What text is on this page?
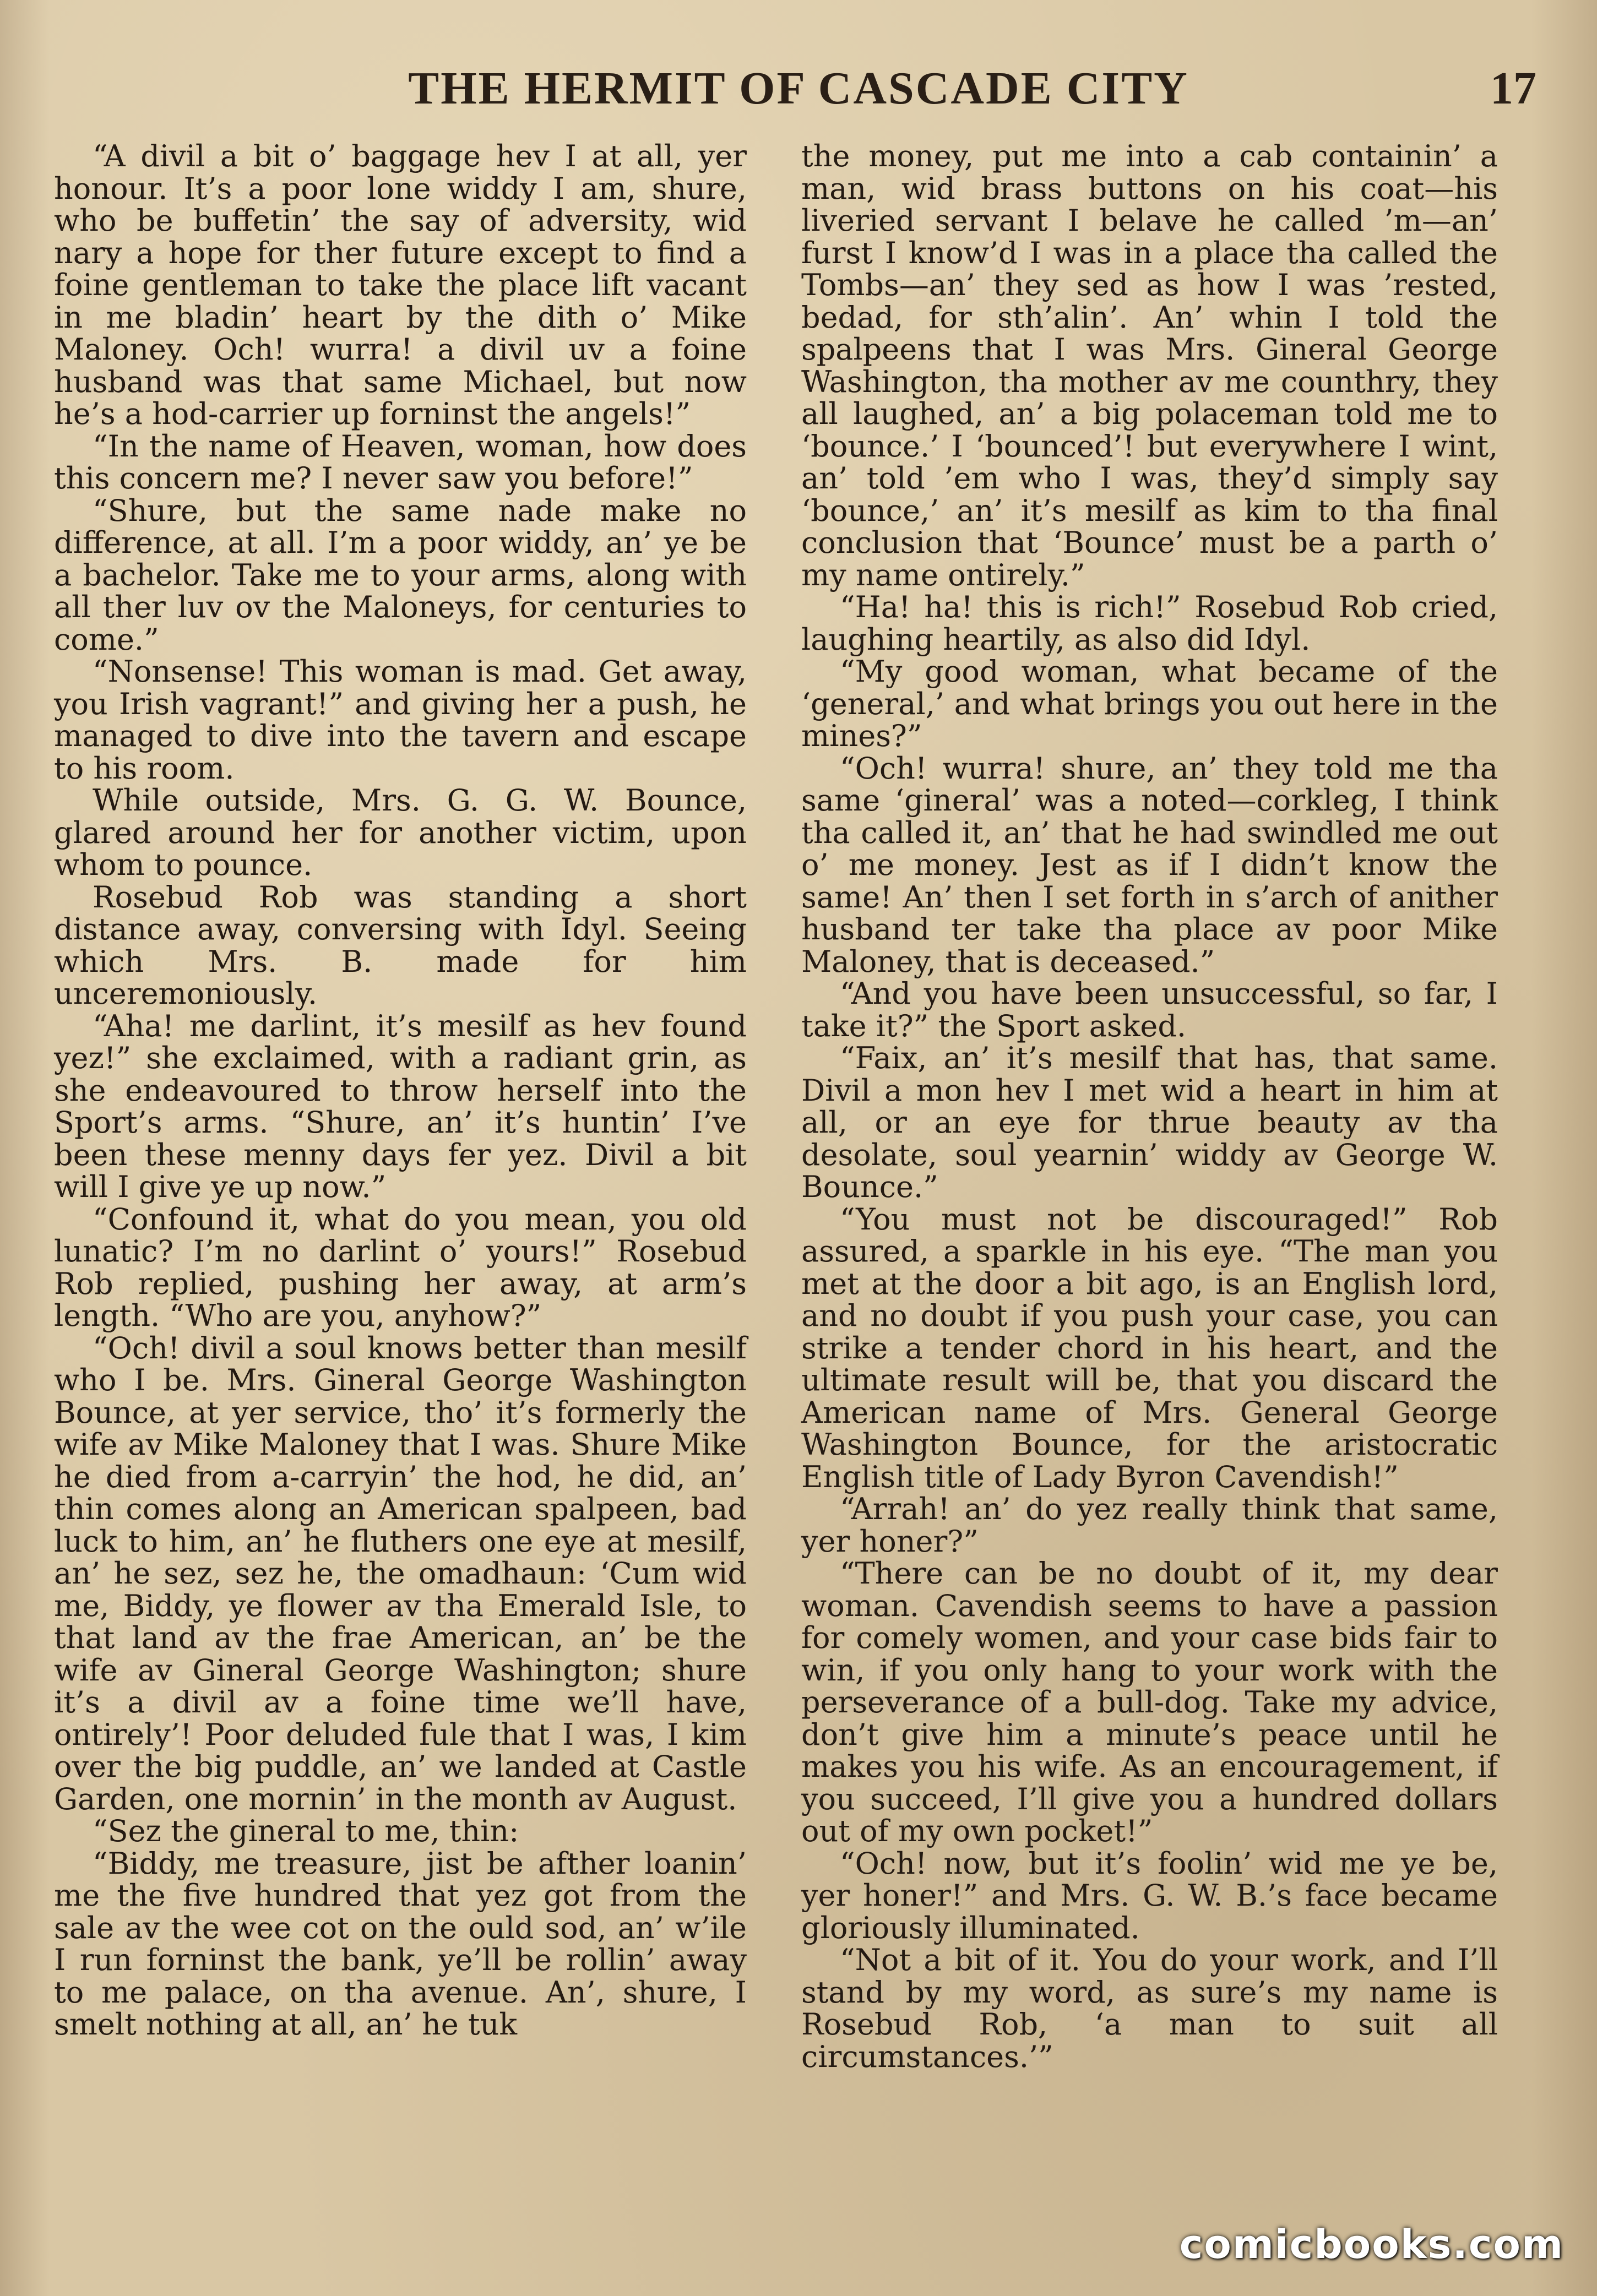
THE HERMIT OF CASCADE CITY	17

“A divil a bit o’ baggage hev I at all, yer honour. It’s a poor lone widdy I am, shure, who be buffetin’ the say of adversity, wid nary a hope for ther future except to find a foine gentleman to take the place lift vacant in me bladin’ heart by the dith o’ Mike Maloney. Och! wurra! a divil uv a foine husband was that same Michael, but now he’s a hod-carrier up forninst the angels!”

“In the name of Heaven, woman, how does this concern me? I never saw you before!”

“Shure, but the same nade make no difference, at all. I’m a poor widdy, an’ ye be a bachelor. Take me to your arms, along with all ther luv ov the Maloneys, for centuries to come.”

“Nonsense! This woman is mad. Get away, you Irish vagrant!” and giving her a push, he managed to dive into the tavern and escape to his room.

While outside, Mrs. G. G. W. Bounce, glared around her for another victim, upon whom to pounce.

Rosebud Rob was standing a short distance away, conversing with Idyl. Seeing which Mrs. B. made for him unceremoniously.

“Aha! me darlint, it’s mesilf as hev found yez!” she exclaimed, with a radiant grin, as she endeavoured to throw herself into the Sport’s arms. “Shure, an’ it’s huntin’ I’ve been these menny days fer yez. Divil a bit will I give ye up now.”

“Confound it, what do you mean, you old lunatic? I’m no darlint o’ yours!” Rosebud Rob replied, pushing her away, at arm’s length. “Who are you, anyhow?”

“Och! divil a soul knows better than mesilf who I be. Mrs. Gineral George Washington Bounce, at yer service, tho’ it’s formerly the wife av Mike Maloney that I was. Shure Mike he died from a-carryin’ the hod, he did, an’ thin comes along an American spalpeen, bad luck to him, an’ he fluthers one eye at mesilf, an’ he sez, sez he, the omadhaun: ‘Cum wid me, Biddy, ye flower av tha Emerald Isle, to that land av the frae American, an’ be the wife av Gineral George Washington; shure it’s a divil av a foine time we’ll have, ontirely’! Poor deluded fule that I was, I kim over the big puddle, an’ we landed at Castle Garden, one mornin’ in the month av August.

“Sez the gineral to me, thin:

“Biddy, me treasure, jist be afther loanin’ me the five hundred that yez got from the sale av the wee cot on the ould sod, an’ w’ile I run forninst the bank, ye’ll be rollin’ away to me palace, on tha avenue. An’, shure, I smelt nothing at all, an’ he tuk

the money, put me into a cab containin’ a man, wid brass buttons on his coat—his liveried servant I belave he called ’m—an’ furst I know’d I was in a place tha called the Tombs—an’ they sed as how I was ’rested, bedad, for sth’alin’. An’ whin I told the spalpeens that I was Mrs. Gineral George Washington, tha mother av me counthry, they all laughed, an’ a big polaceman told me to ‘bounce.’ I ‘bounced’! but everywhere I wint, an’ told ’em who I was, they’d simply say ‘bounce,’ an’ it’s mesilf as kim to tha final conclusion that ‘Bounce’ must be a parth o’ my name ontirely.”

“Ha! ha! this is rich!” Rosebud Rob cried, laughing heartily, as also did Idyl.

“My good woman, what became of the ‘general,’ and what brings you out here in the mines?”

“Och! wurra! shure, an’ they told me tha same ‘gineral’ was a noted—corkleg, I think tha called it, an’ that he had swindled me out o’ me money. Jest as if I didn’t know the same! An’ then I set forth in s’arch of anither husband ter take tha place av poor Mike Maloney, that is deceased.”

“And you have been unsuccessful, so far, I take it?” the Sport asked.

“Faix, an’ it’s mesilf that has, that same. Divil a mon hev I met wid a heart in him at all, or an eye for thrue beauty av tha desolate, soul yearnin’ widdy av George W. Bounce.”

“You must not be discouraged!” Rob assured, a sparkle in his eye. “The man you met at the door a bit ago, is an English lord, and no doubt if you push your case, you can strike a tender chord in his heart, and the ultimate result will be, that you discard the American name of Mrs. General George Washington Bounce, for the aristocratic English title of Lady Byron Cavendish!”

“Arrah! an’ do yez really think that same, yer honer?”

“There can be no doubt of it, my dear woman. Cavendish seems to have a passion for comely women, and your case bids fair to win, if you only hang to your work with the perseverance of a bull-dog. Take my advice, don’t give him a minute’s peace until he makes you his wife. As an encouragement, if you succeed, I’ll give you a hundred dollars out of my own pocket!”

“Och! now, but it’s foolin’ wid me ye be, yer honer!” and Mrs. G. W. B.’s face became gloriously illuminated.

“Not a bit of it. You do your work, and I’ll stand by my word, as sure’s my name is Rosebud Rob, ‘a man to suit all circumstances.’”

comicbooks.com
